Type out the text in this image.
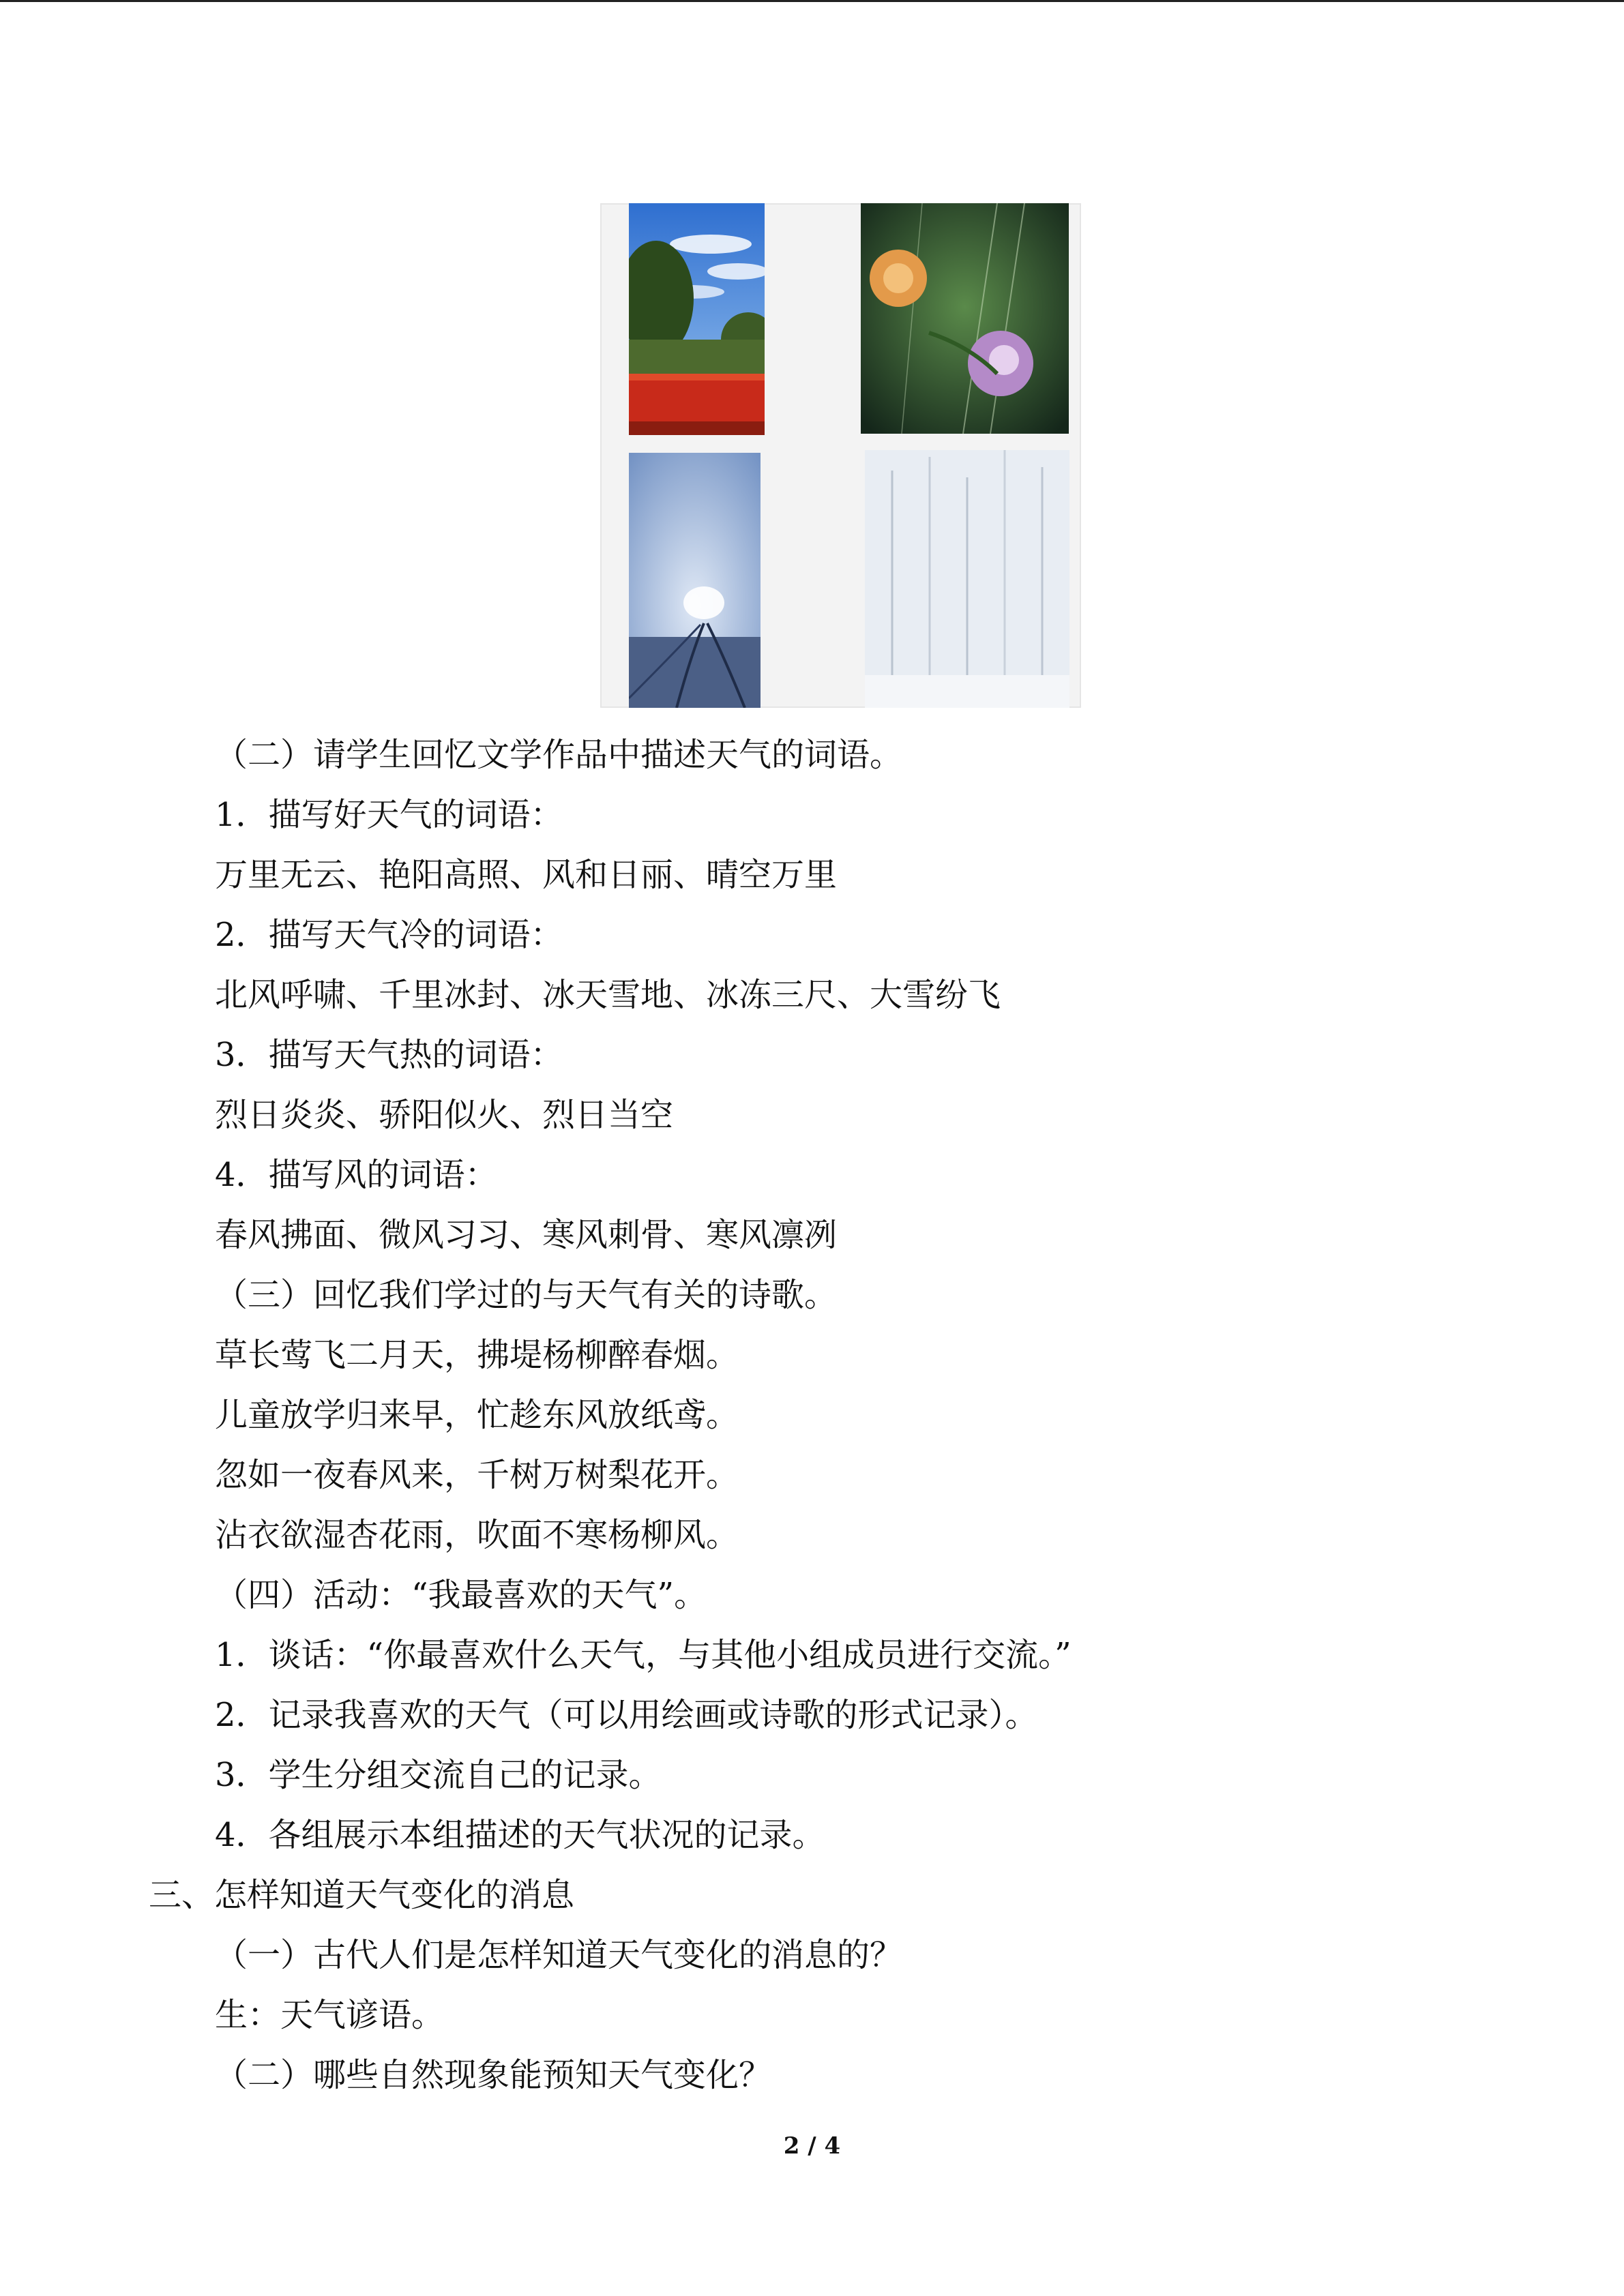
（二）请学生回忆文学作品中描述天气的词语。

1．描写好天气的词语：

万里无云、艳阳高照、风和日丽、晴空万里

2．描写天气冷的词语：

北风呼啸、千里冰封、冰天雪地、冰冻三尺、大雪纷飞

3．描写天气热的词语：

烈日炎炎、骄阳似火、烈日当空

4．描写风的词语：

春风拂面、微风习习、寒风刺骨、寒风凛冽

（三）回忆我们学过的与天气有关的诗歌。

草长莺飞二月天，拂堤杨柳醉春烟。

儿童放学归来早，忙趁东风放纸鸢。

忽如一夜春风来，千树万树梨花开。

沾衣欲湿杏花雨，吹面不寒杨柳风。

（四）活动：“我最喜欢的天气”。

1．谈话：“你最喜欢什么天气，与其他小组成员进行交流。”

2．记录我喜欢的天气（可以用绘画或诗歌的形式记录）。

3．学生分组交流自己的记录。

4．各组展示本组描述的天气状况的记录。

三、怎样知道天气变化的消息

（一）古代人们是怎样知道天气变化的消息的？

生：天气谚语。

（二）哪些自然现象能预知天气变化？

2 / 4
